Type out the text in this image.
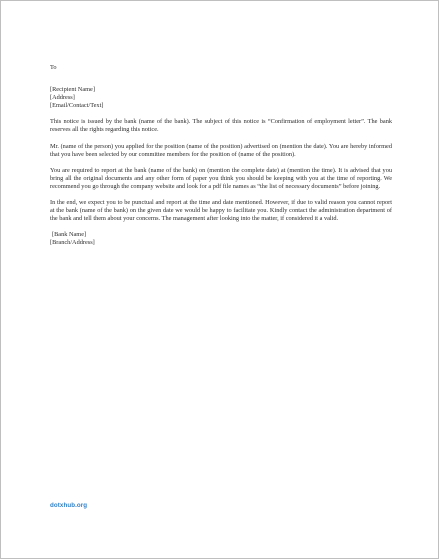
To
[Recipient Name]
[Address]
[Email/Contact/Text]

This notice is issued by the bank (name of the bank). The subject of this notice is “Confirmation of employment letter”. The bank reserves all the rights regarding this notice.

Mr. (name of the person) you applied for the position (name of the position) advertised on (mention the date). You are hereby informed that you have been selected by our committee members for the position of (name of the position).

You are required to report at the bank (name of the bank) on (mention the complete date) at (mention the time). It is advised that you bring all the original documents and any other form of paper you think you should be keeping with you at the time of reporting. We recommend you go through the company website and look for a pdf file names as “the list of necessary documents” before joining.

In the end, we expect you to be punctual and report at the time and date mentioned. However, if due to valid reason you cannot report at the bank (name of the bank) on the given date we would be happy to facilitate you. Kindly contact the administration department of the bank and tell them about your concerns. The management after looking into the matter, if considered it a valid.

[Bank Name]
[Branch/Address]
dotxhub.org
